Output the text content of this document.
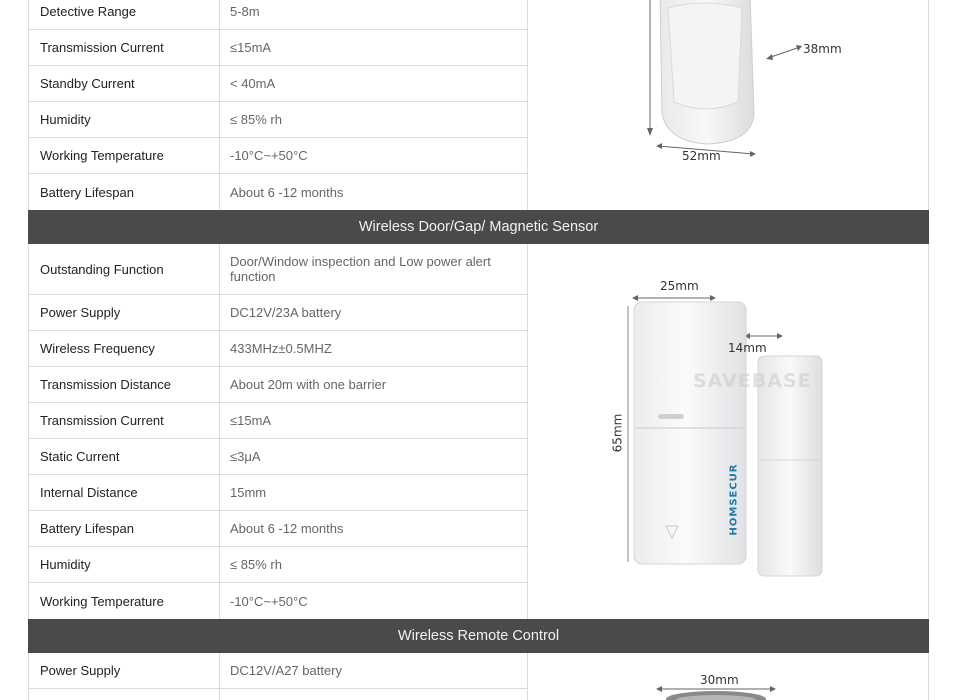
Detective Range	5-8m
Transmission Current	≤15mA
Standby Current	< 40mA
Humidity	≤ 85% rh
Working Temperature	-10°C~+50°C
Battery Lifespan	About 6 -12 months
38mm
52mm
Wireless Door/Gap/ Magnetic Sensor
Outstanding Function	Door/Window inspection and Low power alert function
Power Supply	DC12V/23A battery
Wireless Frequency	433MHz±0.5MHZ
Transmission Distance	About 20m with one barrier
Transmission Current	≤15mA
Static Current	≤3μA
Internal Distance	15mm
Battery Lifespan	About 6 -12 months
Humidity	≤ 85% rh
Working Temperature	-10°C~+50°C
SAVEBASE
25mm
14mm
65mm
HOMSECUR
Wireless Remote Control
Power Supply	DC12V/A27 battery
30mm
